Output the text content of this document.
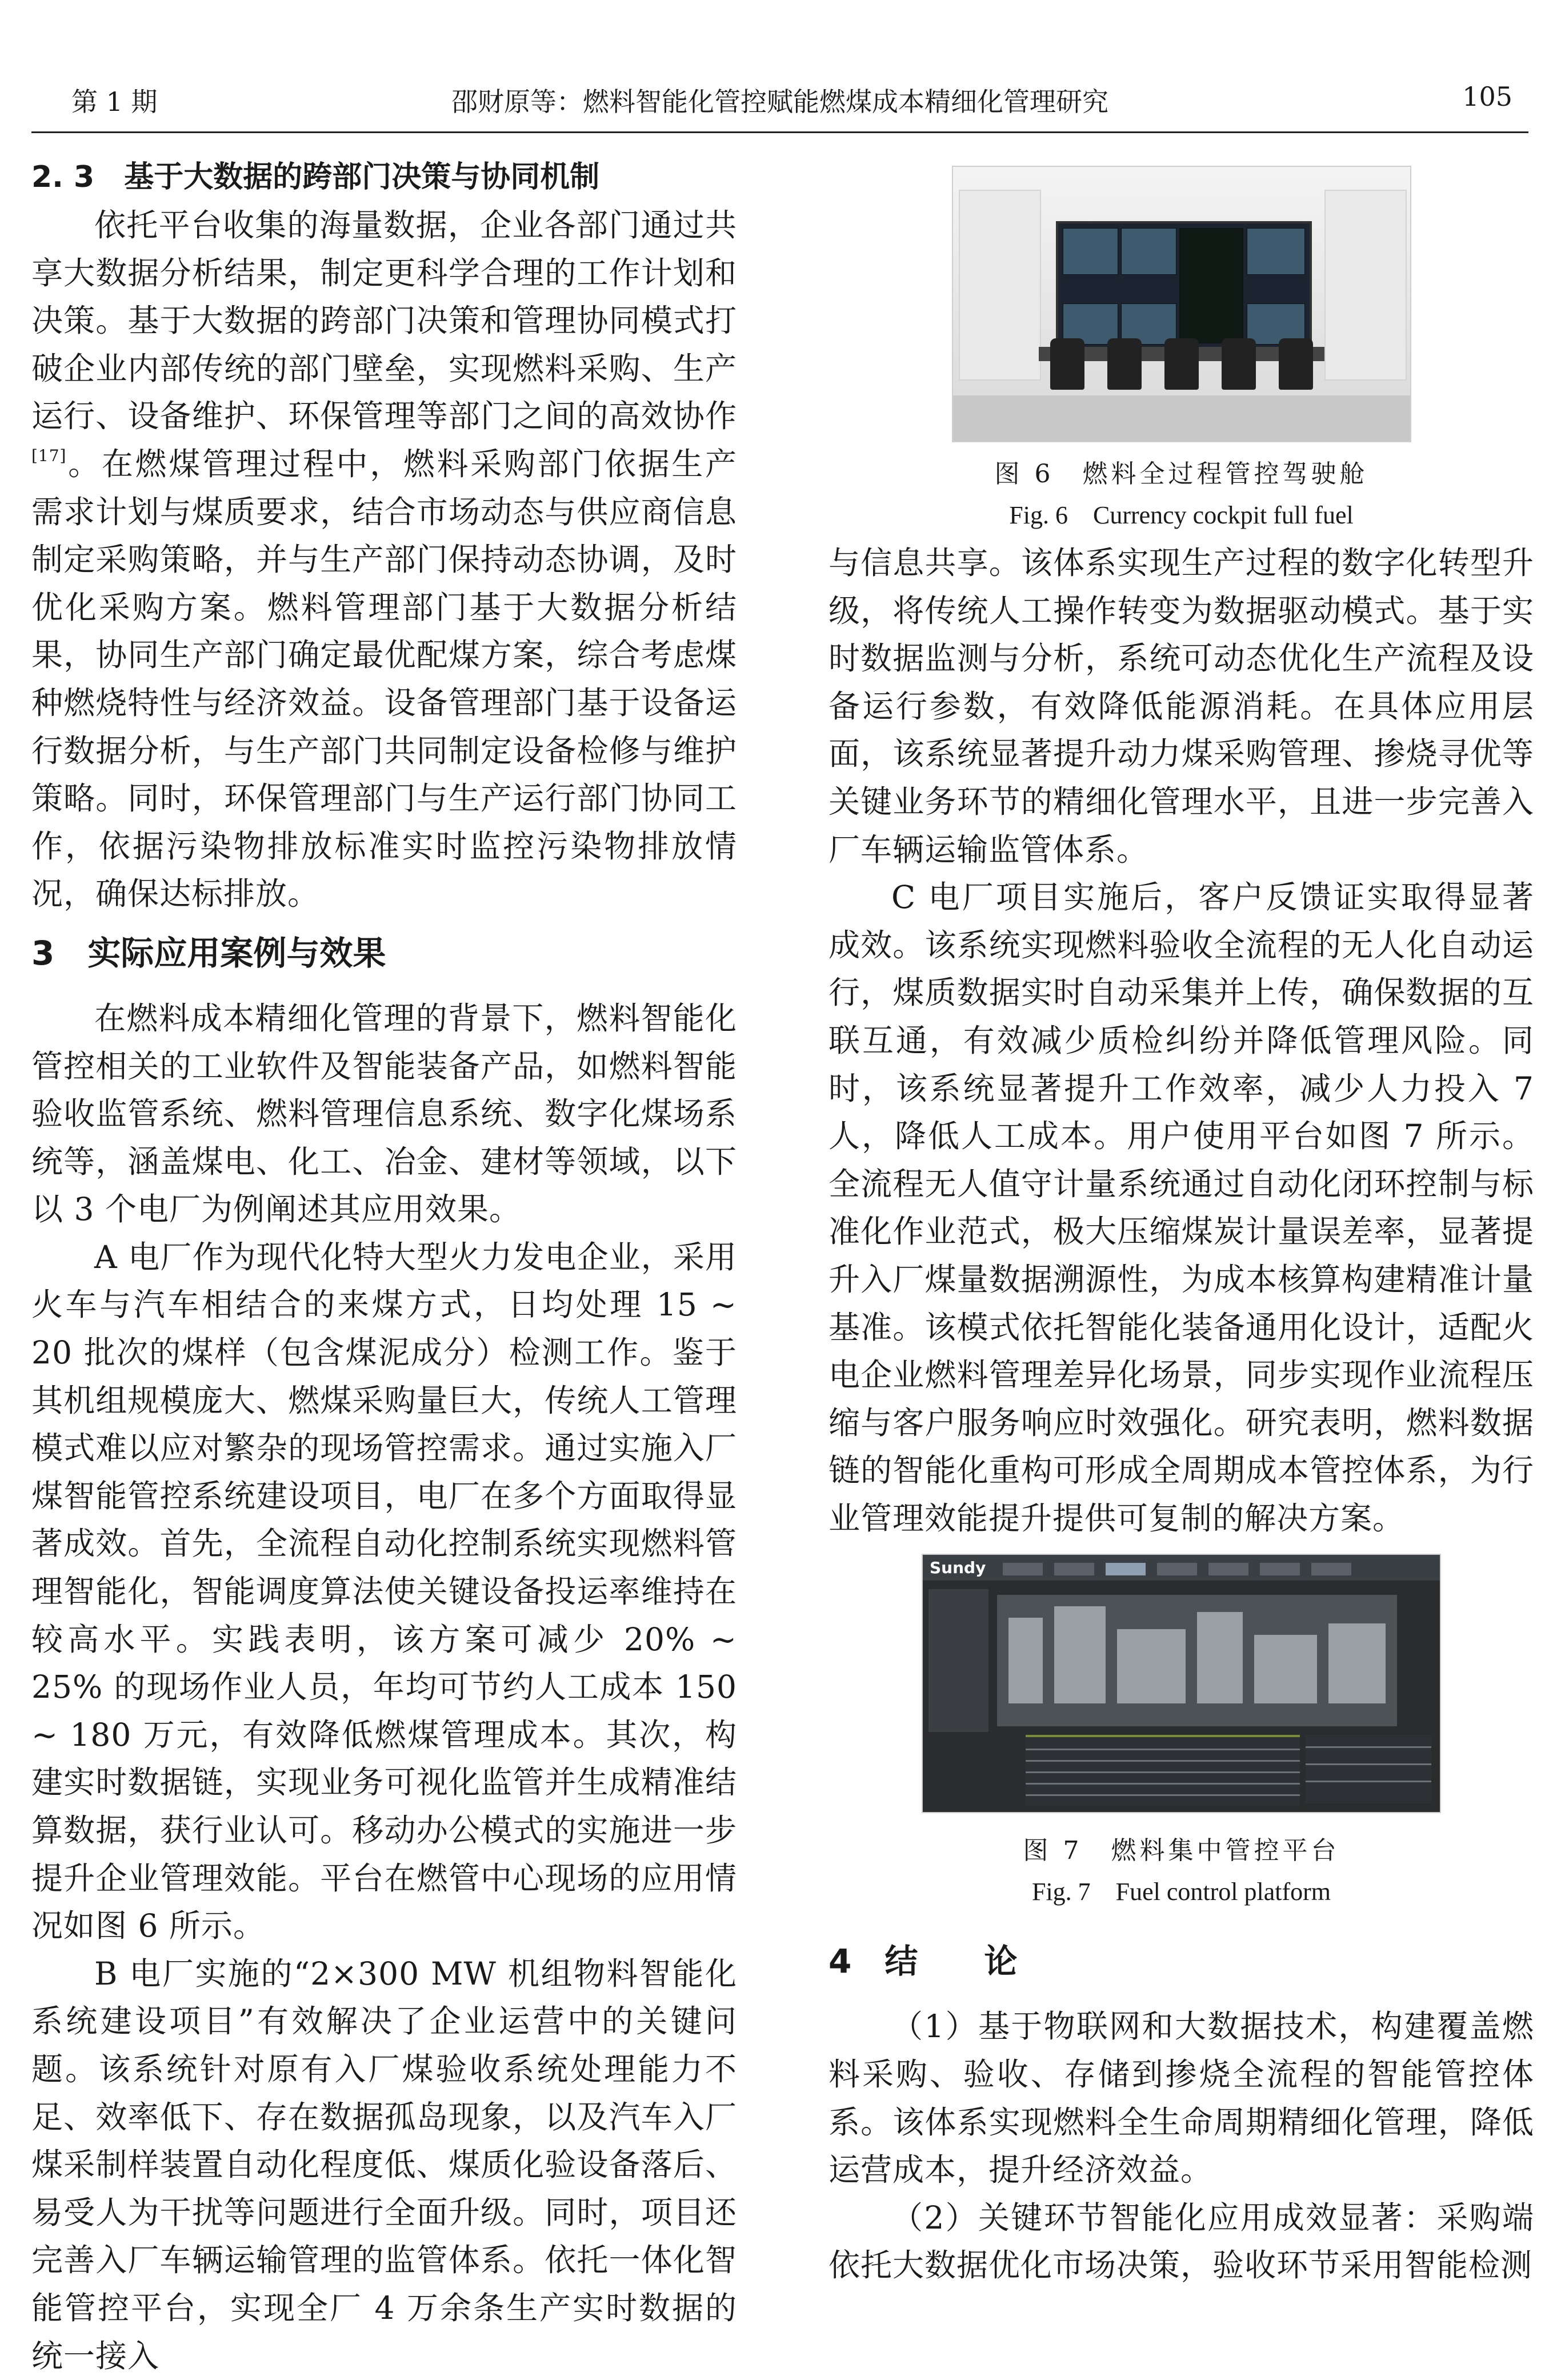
第 1 期	邵财原等：燃料智能化管控赋能燃煤成本精细化管理研究	105
2. 3　基于大数据的跨部门决策与协同机制

依托平台收集的海量数据，企业各部门通过共享大数据分析结果，制定更科学合理的工作计划和决策。基于大数据的跨部门决策和管理协同模式打破企业内部传统的部门壁垒，实现燃料采购、生产运行、设备维护、环保管理等部门之间的高效协作[17]。在燃煤管理过程中，燃料采购部门依据生产需求计划与煤质要求，结合市场动态与供应商信息制定采购策略，并与生产部门保持动态协调，及时优化采购方案。燃料管理部门基于大数据分析结果，协同生产部门确定最优配煤方案，综合考虑煤种燃烧特性与经济效益。设备管理部门基于设备运行数据分析，与生产部门共同制定设备检修与维护策略。同时，环保管理部门与生产运行部门协同工作，依据污染物排放标准实时监控污染物排放情况，确保达标排放。

3　实际应用案例与效果

在燃料成本精细化管理的背景下，燃料智能化管控相关的工业软件及智能装备产品，如燃料智能验收监管系统、燃料管理信息系统、数字化煤场系统等，涵盖煤电、化工、冶金、建材等领域，以下以 3 个电厂为例阐述其应用效果。

A 电厂作为现代化特大型火力发电企业，采用火车与汽车相结合的来煤方式，日均处理 15 ~ 20 批次的煤样（包含煤泥成分）检测工作。鉴于其机组规模庞大、燃煤采购量巨大，传统人工管理模式难以应对繁杂的现场管控需求。通过实施入厂煤智能管控系统建设项目，电厂在多个方面取得显著成效。首先，全流程自动化控制系统实现燃料管理智能化，智能调度算法使关键设备投运率维持在较高水平。实践表明，该方案可减少 20% ~ 25% 的现场作业人员，年均可节约人工成本 150 ~ 180 万元，有效降低燃煤管理成本。其次，构建实时数据链，实现业务可视化监管并生成精准结算数据，获行业认可。移动办公模式的实施进一步提升企业管理效能。平台在燃管中心现场的应用情况如图 6 所示。

B 电厂实施的“2×300 MW 机组物料智能化系统建设项目”有效解决了企业运营中的关键问题。该系统针对原有入厂煤验收系统处理能力不足、效率低下、存在数据孤岛现象，以及汽车入厂煤采制样装置自动化程度低、煤质化验设备落后、易受人为干扰等问题进行全面升级。同时，项目还完善入厂车辆运输管理的监管体系。依托一体化智能管控平台，实现全厂 4 万余条生产实时数据的统一接入

图 6　燃料全过程管控驾驶舱
Fig. 6　Currency cockpit full fuel

与信息共享。该体系实现生产过程的数字化转型升级，将传统人工操作转变为数据驱动模式。基于实时数据监测与分析，系统可动态优化生产流程及设备运行参数，有效降低能源消耗。在具体应用层面，该系统显著提升动力煤采购管理、掺烧寻优等关键业务环节的精细化管理水平，且进一步完善入厂车辆运输监管体系。

C 电厂项目实施后，客户反馈证实取得显著成效。该系统实现燃料验收全流程的无人化自动运行，煤质数据实时自动采集并上传，确保数据的互联互通，有效减少质检纠纷并降低管理风险。同时，该系统显著提升工作效率，减少人力投入 7 人，降低人工成本。用户使用平台如图 7 所示。全流程无人值守计量系统通过自动化闭环控制与标准化作业范式，极大压缩煤炭计量误差率，显著提升入厂煤量数据溯源性，为成本核算构建精准计量基准。该模式依托智能化装备通用化设计，适配火电企业燃料管理差异化场景，同步实现作业流程压缩与客户服务响应时效强化。研究表明，燃料数据链的智能化重构可形成全周期成本管控体系，为行业管理效能提升提供可复制的解决方案。

Sundy
图 7　燃料集中管控平台
Fig. 7　Fuel control platform
4　结　　论

（1）基于物联网和大数据技术，构建覆盖燃料采购、验收、存储到掺烧全流程的智能管控体系。该体系实现燃料全生命周期精细化管理，降低运营成本，提升经济效益。

（2）关键环节智能化应用成效显著：采购端依托大数据优化市场决策，验收环节采用智能检测
